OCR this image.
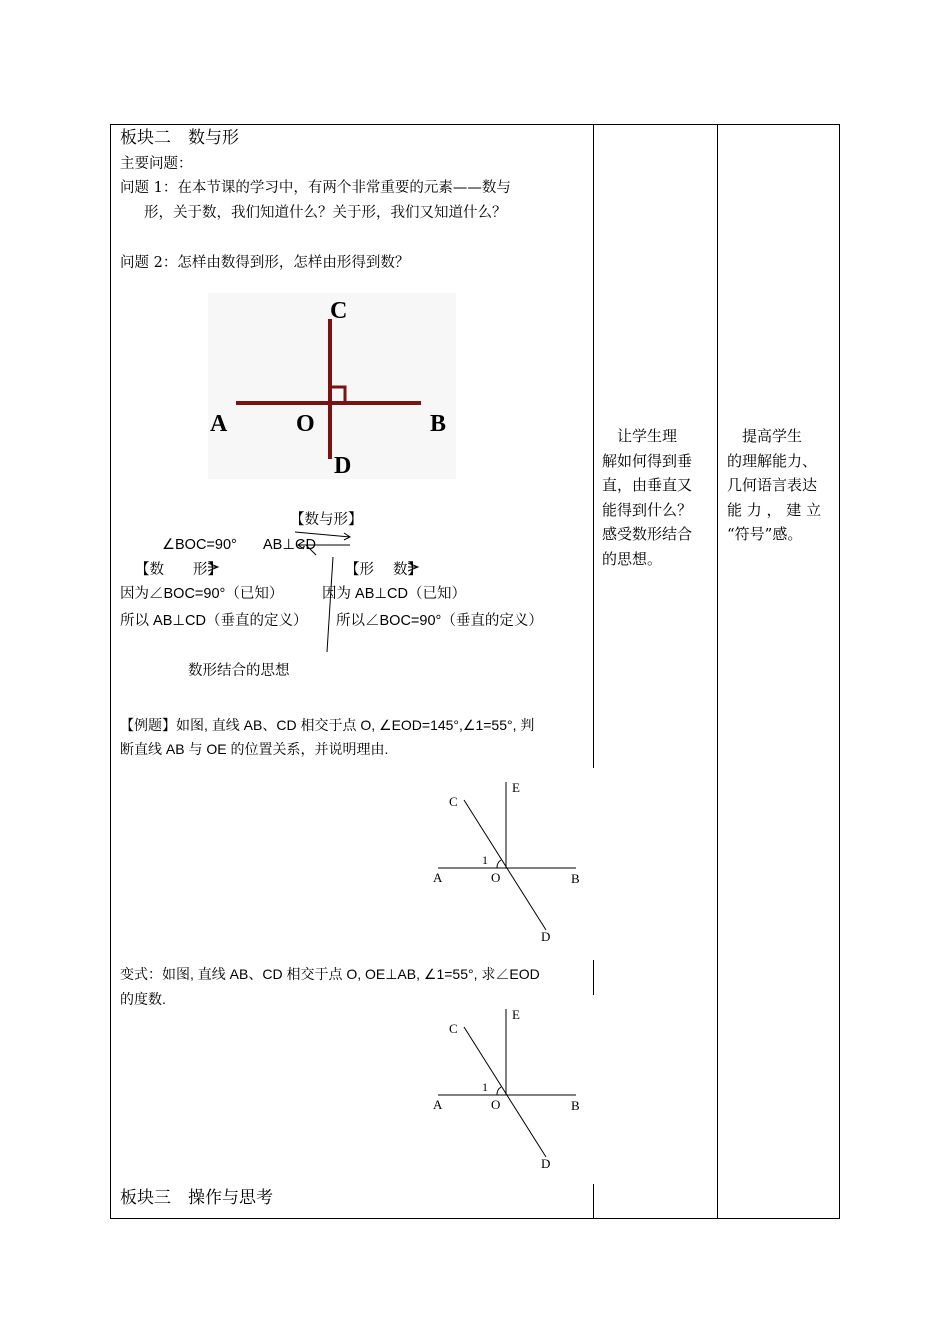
板块二　数与形
主要问题：
问题 1：在本节课的学习中，有两个非常重要的元素——数与
形，关于数，我们知道什么？关于形，我们又知道什么？
问题 2：怎样由数得到形，怎样由形得到数？
C
A	O	B
D
【数与形】
∠BOC=90° AB⊥CD
【数 形】	【形 数】
因为∠BOC=90°（已知）	因为 AB⊥CD（已知）
所以 AB⊥CD（垂直的定义） 所以∠BOC=90°（垂直的定义）
数形结合的思想
【例题】如图, 直线 AB、CD 相交于点 O, ∠EOD=145°,∠1=55°, 判
断直线 AB 与 OE 的位置关系，并说明理由.
C
E
1
A	O	B
D
变式：如图, 直线 AB、CD 相交于点 O, OE⊥AB, ∠1=55°, 求∠EOD
的度数.
C
E
1
A	O	B
D
板块三　操作与思考
　让学生理
解如何得到垂
直，由垂直又
能得到什么？
感受数形结合
的思想。
　提高学生
的理解能力、
几何语言表达
能 力 ， 建 立
“符号”感。
